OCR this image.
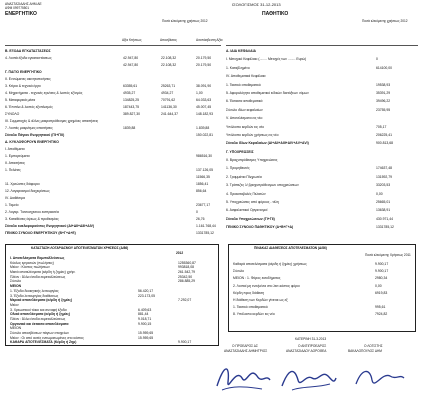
ΑΝΑΣΤΑΣΙΑΔΗΣ ΔΗΜ.ΑΕ
ΑΦΜ 099775501
ΕΝΕΡΓΗΤΙΚΟ
ΙΣΟΛΟΓΙΣΜΟΣ 31-12-2013
ΠΑΘΗΤΙΚΟ
Ποσά κλειόμενης χρήσεως 2012
Αξία Κτήσεως	Αποσβέσεις	Αναπόσβεστη Αξία
Ποσά κλειόμενης χρήσεως 2012
Β. ΕΞΟΔΑ ΕΓΚΑΤΑΣΤΑΣΕΩΣ
4. Λοιπά έξοδα εγκαταστάσεως	42.947,80	22.108,32	20.179,50
42.947,80	22.108,32	20.179,50
Γ. ΠΑΓΙΟ ΕΝΕΡΓΗΤΙΚΟ
ΙΙ. Ενσώματες ακινητοποιήσεις
3. Κτίρια & τεχνικά έργα	63355,61	25263,71	38.091,90
4. Μηχανήματα - τεχνικές εγκ/σεις & λοιπός εξ/σμός	4935,27	4934,27	1,00
5. Μεταφορικά μέσα	134825,25	70791,62	64.033,63
6. Έπιπλα & λοιπός εξοπλισμός	187443,75	141136,30	45.007,45
ΣΥΝΟΛΟ	389.827,30	241.644,37	148.182,93
ΙΙΙ. Συμμετοχές & άλλες μακροπρόθεσμες χρημ/κες απαιτήσεις
7. Λοιπές μακρ/σμες απαιτήσεις	1839,88	1.839,88
Σύνολο Πάγιου Ενεργητικού (ΓΙΙ+ΓΙΙΙ)	150.022,81
Δ. ΚΥΚΛΟΦΟΡΟΥΝ ΕΝΕΡΓΗΤΙΚΟ
Ι. Αποθέματα
1. Εμπορεύματα	986516,30
ΙΙ. Απαιτήσεις
1. Πελάτες	137.126,05
11566,35
11. Χρεώστες διάφοροι	1856,41
12. Λογαριασμοί διαχειρίσεως	856,64
ΙV. Διαθέσιμα
1. Ταμείο	23677,17
2. Λογαρ. Τισσυσχεσιου εισπρακτέα	0
3. Καταθέσεις όψεως & προθεσμίας	26,76
Σύνολο κυκλοφορούντος Ενεργητικού (ΔΙ+ΔΙΙ+ΔΙΙΙ+ΔΙV)	1.161.768,44
ΓΕΝΙΚΟ ΣΥΝΟΛΟ ΕΝΕΡΓΗΤΙΚΟΥ (Β+Γ+Δ+Ε)	1331785,12
Α. ΙΔΙΑ ΚΕΦΑΛΑΙΑ
Ι. Μετοχικό Κεφάλαιο (........ Μετοχές των ........ Ευρώ)	0
1. Καταβλημένο	614100,00
ΙV. Αποθεματικά Κεφάλαια
1. Τακτικό αποθεματικό	19538,93
5. Αφορολόγητο αποθεματικό ειδικών διατάξεων νόμων	35391,29
6. Έκτακτα αποθεματικά	39496,22
Σύνολο ιδίων κεφαλαίων	23755,95
V. Αποτελέσματα εις νέο
Υπόλοιπο κερδών εις νέο	705,17
Υπόλοιπο κερδών χρήσεως εις νέο	206225,41
Σύνολο Ιδίων Κεφαλαίων (ΑΙ+ΑΙΙ+ΑΙΙΙ+ΑΙV+ΑV+ΑVΙ)	900.813,68
Γ. ΥΠΟΧΡΕΩΣΕΙΣ
ΙΙ. Βραχυπρόθεσμες Υποχρεώσεις
1. Προμηθευτές	174637,48
2. Γραμμάτια Πληρωτέα	131592,79
3. Τράπεζες λ/ βραχυπρόθεσμων υποχρεώσεων	33203,53
4. Προκαταβολές Πελατών	0,00
5. Υποχρεώσεις από φόρους - τέλη	25665,01
6. Ασφαλιστικοί Οργανισμοί	13638,91
Σύνολο Υποχρεώσεων (ΓΙ+ΓΙΙ)	430.971,44
ΓΕΝΙΚΟ ΣΥΝΟΛΟ ΠΑΘΗΤΙΚΟΥ (Α+Β+Γ+Δ)	1331785,12
ΚΑΤΑΣΤΑΣΗ ΛΟΓΑΡΙΑΣΜΟΥ ΑΠΟΤΕΛΕΣΜΑΤΩΝ ΧΡΗΣΕΩΣ (Δ/86)
2012
Ι. Αποτελέσματα Εκμεταλλεύσεως
Κύκλος εργασιών (πωλήσεις)	1255360,87
Μείον : Κόστος πωλήσεων	993818,08
Μικτά αποτελέσματα (κέρδη ή ζημίες) χρήσ.	261.542,79
Πλέον : Άλλα έσοδα εκμεταλλεύσεως	25342,50
Σύνολο	286.885,29
ΜΕΙΟΝ
1. Έξοδα διοικητικής λειτουργίας	56.420,17
3. Έξοδα λειτουργίας διαθέσεως	223.173,05
Μερικά αποτελέσματα (κέρδη ή ζημίες)	7.292,07
Μείον
3. Χρεωστικοί τόκοι και συναφή έξοδα	6.409,63
Ολικά αποτελέσματα (κέρδη ή ζημίες)	881,44
Πλέον : Άλλα έσοδα εκμεταλλεύσεως	9.018,71
Οργανικά και έκτακτα αποτελέσματα	9.900,15
ΜΕΙΟΝ
Σύνολο αποσβέσεων πάγιων στοιχείων	15.959,65
Μείον : Οι από αυτές ενσωματωμένες στο κόστος	15.959,65
ΚΑΘΑΡΑ ΑΠΟΤΕΛΕΣΜΑΤΑ (Κέρδη ή Ζημ)	9.900,17
ΠΙΝΑΚΑΣ ΔΙΑΘΕΣΕΩΣ ΑΠΟΤΕΛΕΣΜΑΤΩΝ (Δ/86)
Ποσά κλειόμενης Χρήσεως 2011
Καθαρά αποτελέσματα (κέρδη ή ζημίες) χρήσεως	9.900,17
Σύνολο	9.900,17
ΜΕΙΟΝ : 1. Φόρος εισοδήματος	2980,34
2. Λοιποί μη ενσ/μένοι στο λειτ.κόστος φόροι	0,00
Κέρδη προς διάθεση	6919,83
Η διάθεση των Κερδών γίνεται ως εξ
1. Τακτικό αποθεματικό	995,61
8. Υπόλοιπο κερδών εις νέο	7924,82
ΚΑΤΕΡΙΝΗ 31-3-2013
Ο ΠΡΟΕΔΡΟΣ ΔΣ
ΑΝΑΣΤΑΣΙΑΔΗΣ ΔΗΜΗΤΡΙΟΣ
Ο ΑΝΤΙΠΡΟΕΔΡΟΣ
ΑΝΑΣΤΑΣΙΑΔΟΥ ΔΟΡΟΘΕΑ
Ο ΛΟΓΙΣΤΗΣ
ΒΑΚΑΛΟΠΟΥΛΟΣ ΔΗΜ
